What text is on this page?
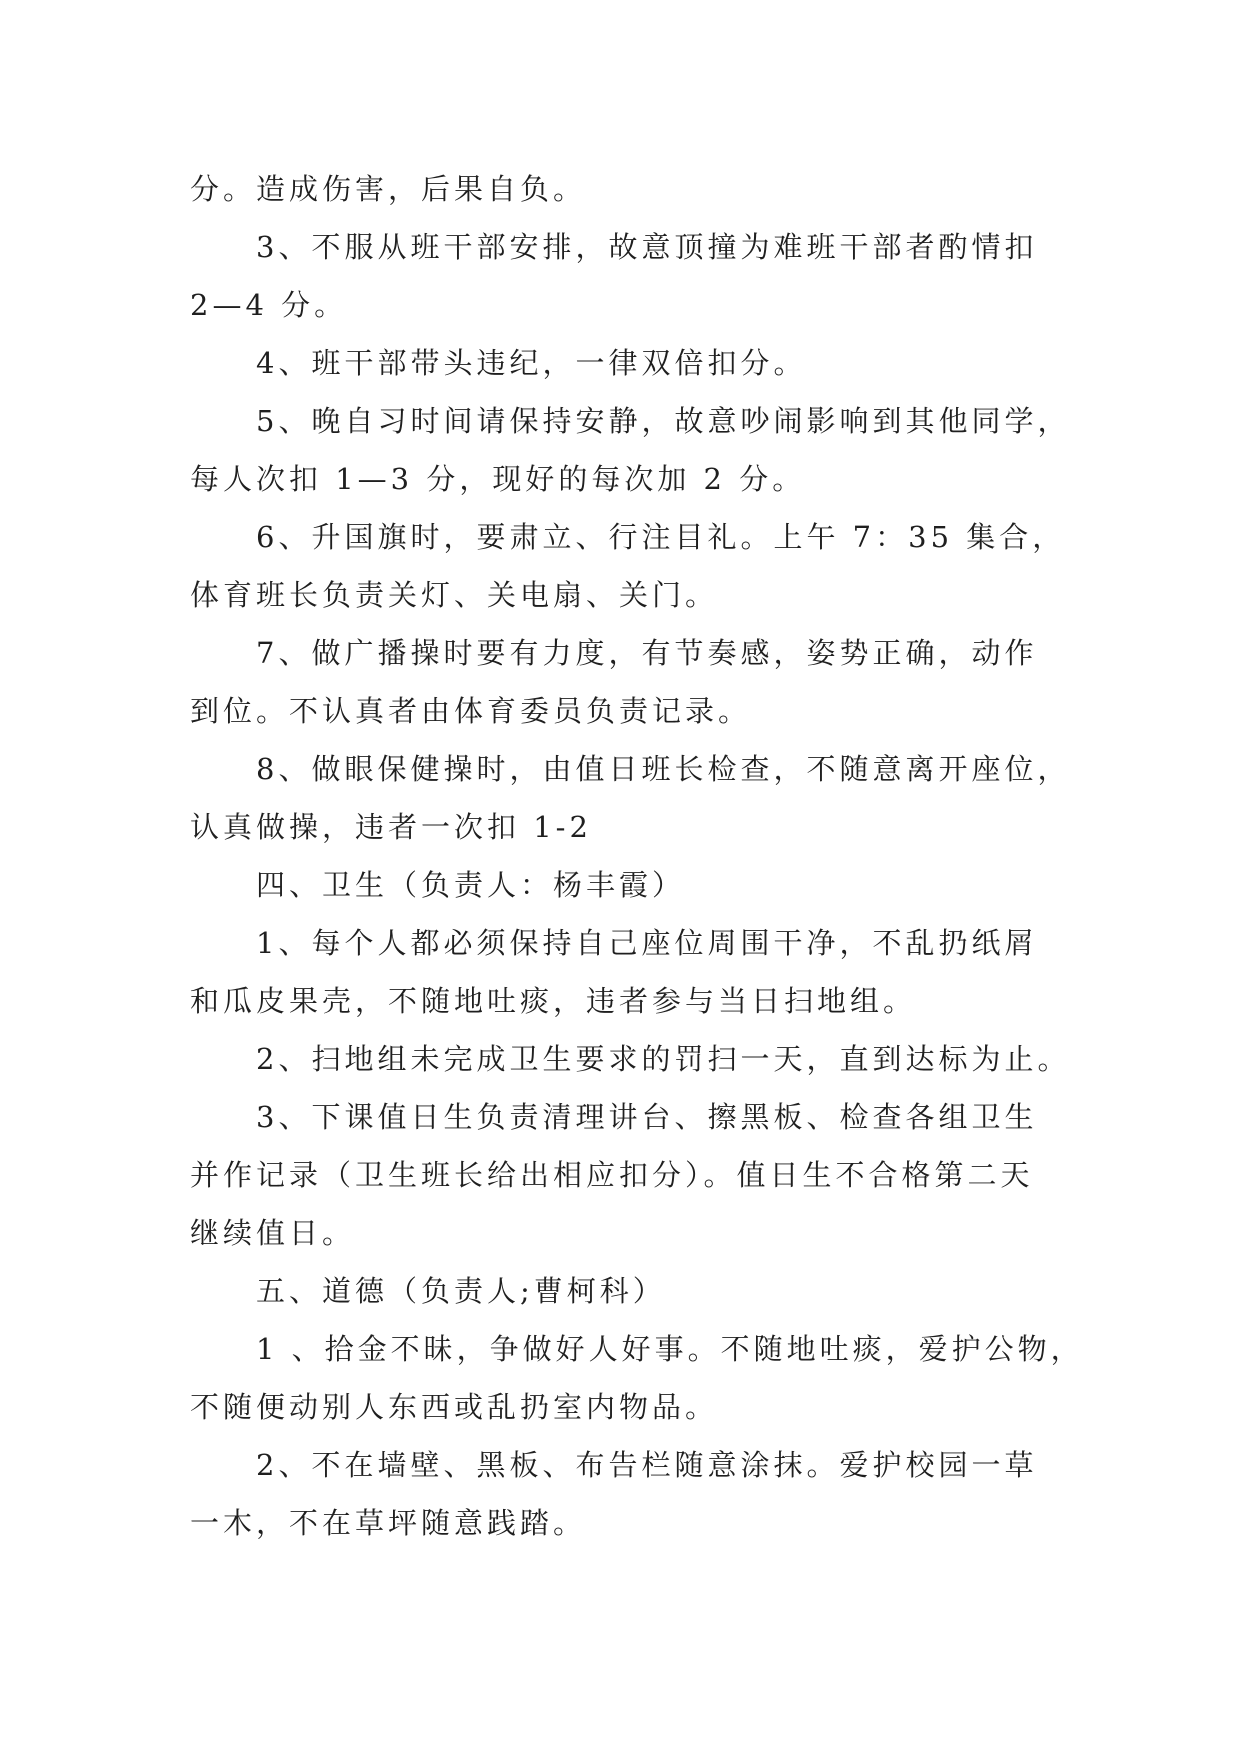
分。造成伤害，后果自负。
3、不服从班干部安排，故意顶撞为难班干部者酌情扣
2—4 分。
4、班干部带头违纪，一律双倍扣分。
5、晚自习时间请保持安静，故意吵闹影响到其他同学，
每人次扣 1—3 分，现好的每次加 2 分。
6、升国旗时，要肃立、行注目礼。上午 7：35 集合，
体育班长负责关灯、关电扇、关门。
7、做广播操时要有力度，有节奏感，姿势正确，动作
到位。不认真者由体育委员负责记录。
8、做眼保健操时，由值日班长检查，不随意离开座位，
认真做操，违者一次扣 1-2
四、卫生（负责人：杨丰霞）
1、每个人都必须保持自己座位周围干净，不乱扔纸屑
和瓜皮果壳，不随地吐痰，违者参与当日扫地组。
2、扫地组未完成卫生要求的罚扫一天，直到达标为止。
3、下课值日生负责清理讲台、擦黑板、检查各组卫生
并作记录（卫生班长给出相应扣分）。值日生不合格第二天
继续值日。
五、道德（负责人;曹柯科）
1 、拾金不昧，争做好人好事。不随地吐痰，爱护公物，
不随便动别人东西或乱扔室内物品。
2、不在墙壁、黑板、布告栏随意涂抹。爱护校园一草
一木，不在草坪随意践踏。
